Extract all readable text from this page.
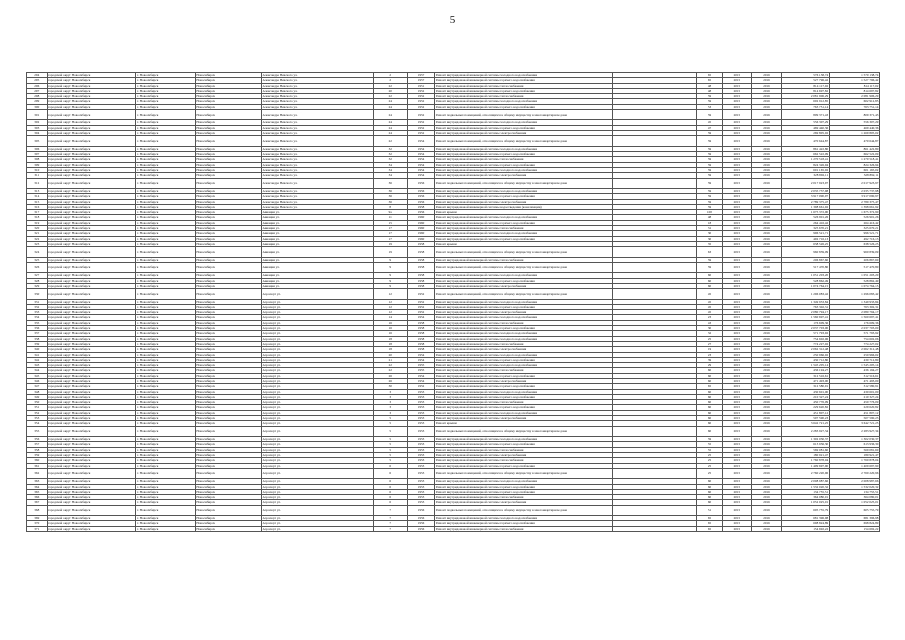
5
294	городской округ Новосибирск	г. Новосибирск	Новосибирск	Александра Невского ул.	2	1957	Ремонт внутридомовой инженерной системы холодного водоснабжения		65	2015	2016	576 138,74	1 570 138,74
295	городской округ Новосибирск	г. Новосибирск	Новосибирск	Александра Невского ул.	2	1957	Ремонт внутридомовой инженерной системы горячего водоснабжения		65	2015	2016	527 796,42	1 527 796,42
296	городской округ Новосибирск	г. Новосибирск	Новосибирск	Александра Невского ул.	22	1951	Ремонт внутридомовой инженерной системы теплоснабжения		48	2015	2016	814 117,02	814 117,02
297	городской округ Новосибирск	г. Новосибирск	Новосибирск	Александра Невского ул.	20	1952	Ремонт внутридомовой инженерной системы горячего водоснабжения		48	2015	2016	814 697,82	814 697,82
298	городской округ Новосибирск	г. Новосибирск	Новосибирск	Александра Невского ул.	22	1952	Ремонт внутридомовой инженерной системы теплоснабжения		59	2015	2016	2 081 906,29	2 081 906,29
299	городской округ Новосибирск	г. Новосибирск	Новосибирск	Александра Невского ул.	24	1952	Ремонт внутридомовой инженерной системы холодного водоснабжения		59	2015	2016	602 912,85	602 912,85
300	городской округ Новосибирск	г. Новосибирск	Новосибирск	Александра Невского ул.	24	1952	Ремонт внутридомовой инженерной системы горячего водоснабжения		53	2015	2016	763 751,14	763 751,14
301	городской округ Новосибирск	г. Новосибирск	Новосибирск	Александра Невского ул.	24	1952	Ремонт подвальных помещений, относящихся к общему имуществу в многоквартирном доме		59	2015	2016	809 371,43	809 371,43
302	городской округ Новосибирск	г. Новосибирск	Новосибирск	Александра Невского ул.	24	1952	Ремонт внутридомовой инженерной системы холодного водоснабжения		45	2015	2016	556 307,29	556 307,29
303	городской округ Новосибирск	г. Новосибирск	Новосибирск	Александра Невского ул.	24	1952	Ремонт внутридомовой инженерной системы горячего водоснабжения		47	2015	2016	469 440,36	469 440,36
304	городской округ Новосибирск	г. Новосибирск	Новосибирск	Александра Невского ул.	24	1952	Ремонт внутридомовой инженерной системы электроснабжения		59	2015	2016	269 805,02	1 269 805,02
305	городской округ Новосибирск	г. Новосибирск	Новосибирск	Александра Невского ул.	22	1954	Ремонт подвальных помещений, относящихся к общему имуществу в многоквартирном доме		59	2015	2016	470 644,87	470 644,87
306	городской округ Новосибирск	г. Новосибирск	Новосибирск	Александра Невского ул.	32	1954	Ремонт внутридомовой инженерной системы холодного водоснабжения		59	2015	2016	861 422,80	861 422,80
307	городской округ Новосибирск	г. Новосибирск	Новосибирск	Александра Невского ул.	32	1954	Ремонт внутридомовой инженерной системы горячего водоснабжения		59	2015	2016	662 522,09	662 522,09
308	городской округ Новосибирск	г. Новосибирск	Новосибирск	Александра Невского ул.	32	1954	Ремонт внутридомовой инженерной системы теплоснабжения		59	2015	2016	1 270 518,41	1 270 518,41
309	городской округ Новосибирск	г. Новосибирск	Новосибирск	Александра Невского ул.	34	1954	Ремонт внутридомовой инженерной системы горячего водоснабжения		59	2015	2016	824 326,94	824 326,94
310	городской округ Новосибирск	г. Новосибирск	Новосибирск	Александра Невского ул.	34	1954	Ремонт внутридомовой инженерной системы холодного водоснабжения		59	2015	2016	601 165,02	601 165,02
311	городской округ Новосибирск	г. Новосибирск	Новосибирск	Александра Невского ул.	34	1954	Ремонт внутридомовой инженерной системы электроснабжения		59	2015	2016	328 892,11	328 892,11
312	городской округ Новосибирск	г. Новосибирск	Новосибирск	Александра Невского ул.	36	1956	Ремонт подвальных помещений, относящихся к общему имуществу в многоквартирном доме		59	2015	2016	2 017 923,97	2 017 923,97
313	городской округ Новосибирск	г. Новосибирск	Новосибирск	Александра Невского ул.	36	1956	Ремонт внутридомовой инженерной системы холодного водоснабжения		59	2015	2016	2 035 737,98	2 035 737,98
314	городской округ Новосибирск	г. Новосибирск	Новосибирск	Александра Невского ул.	36	1956	Ремонт внутридомовой инженерной системы горячего водоснабжения		59	2015	2016	3 917 090,97	3 917 090,97
315	городской округ Новосибирск	г. Новосибирск	Новосибирск	Александра Невского ул.	36	1956	Ремонт внутридомовой инженерной системы электроснабжения		59	2015	2016	2 789 375,47	2 789 375,47
316	городской округ Новосибирск	г. Новосибирск	Новосибирск	Александра Невского ул.	8	1958	Ремонт внутридомовой инженерной системы водоотведения (канализации)		59	2015	2016	1 398 661,92	1 398 661,92
317	городской округ Новосибирск	г. Новосибирск	Новосибирск	Авиации ул.	9а	1956	Ремонт крыши		100	2015	2016	1 675 372,90	1 675 372,90
318	городской округ Новосибирск	г. Новосибирск	Новосибирск	Авиации ул.	11	1960	Ремонт внутридомовой инженерной системы холодного водоснабжения		48	2015	2016	526 901,26	526 901,26
319	городской округ Новосибирск	г. Новосибирск	Новосибирск	Авиации ул.	15	1960	Ремонт внутридомовой инженерной системы горячего водоснабжения		18	2015	2016	264 416,42	264 416,42
320	городской округ Новосибирск	г. Новосибирск	Новосибирск	Авиации ул.	17	1960	Ремонт внутридомовой инженерной системы теплоснабжения		31	2015	2016	325 670,21	325 670,21
321	городской округ Новосибирск	г. Новосибирск	Новосибирск	Авиации ул.	17	1960	Ремонт внутридомовой инженерной системы холодного водоснабжения		30	2015	2016	996 521,71	996 521,71
322	городской округ Новосибирск	г. Новосибирск	Новосибирск	Авиации ул.	17	1960	Ремонт внутридомовой инженерной системы горячего водоснабжения		30	2015	2016	492 716,13	492 716,13
323	городской округ Новосибирск	г. Новосибирск	Новосибирск	Авиации ул.	19	1958	Ремонт крыши		35	2015	2016	638 526,25	638 526,25
324	городской округ Новосибирск	г. Новосибирск	Новосибирск	Авиации ул.	19	1958	Ремонт подвальных помещений, относящихся к общему имуществу в многоквартирном доме		63	2015	2016	960 839,09	960 839,09
325	городской округ Новосибирск	г. Новосибирск	Новосибирск	Авиации ул.	9	1958	Ремонт внутридомовой инженерной системы теплоснабжения		59	2015	2016	206 867,60	206 867,60
326	городской округ Новосибирск	г. Новосибирск	Новосибирск	Авиации ул.	9	1958	Ремонт подвальных помещений, относящихся к общему имуществу в многоквартирном доме		59	2015	2016	517 470,80	517 470,80
327	городской округ Новосибирск	г. Новосибирск	Новосибирск	Авиации ул.	9	1958	Ремонт внутридомовой инженерной системы холодного водоснабжения		60	2015	2016	1 051 203,20	1 051 203,20
328	городской округ Новосибирск	г. Новосибирск	Новосибирск	Авиации ул.	9	1958	Ремонт внутридомовой инженерной системы горячего водоснабжения		60	2015	2016	528 862,49	528 862,49
329	городской округ Новосибирск	г. Новосибирск	Новосибирск	Авиации ул.	9	1958	Ремонт внутридомовой инженерной системы электроснабжения		60	2015	2016	1 074 764,15	1 074 764,15
330	городской округ Новосибирск	г. Новосибирск	Новосибирск	Аэропорт ул.	12	1952	Ремонт подвальных помещений, относящихся к общему имуществу в многоквартирном доме		45	2015	2016	1 296 083,42	1 296 083,42
331	городской округ Новосибирск	г. Новосибирск	Новосибирск	Аэропорт ул.	12	1952	Ремонт внутридомовой инженерной системы холодного водоснабжения		45	2015	2016	1 349 933,84	1 349 933,84
332	городской округ Новосибирск	г. Новосибирск	Новосибирск	Аэропорт ул.	12	1952	Ремонт внутридомовой инженерной системы горячего водоснабжения		45	2015	2016	763 302,31	763 302,31
333	городской округ Новосибирск	г. Новосибирск	Новосибирск	Аэропорт ул.	12	1952	Ремонт внутридомовой инженерной системы электроснабжения		45	2015	2016	2 080 794,17	2 080 794,17
334	городской округ Новосибирск	г. Новосибирск	Новосибирск	Аэропорт ул.	14	1954	Ремонт внутридомовой инженерной системы холодного водоснабжения		23	2015	2016	1 560 697,41	1 560 697,41
335	городской округ Новосибирск	г. Новосибирск	Новосибирск	Аэропорт ул.	16	1958	Ремонт внутридомовой инженерной системы теплоснабжения		43	2015	2016	176 609,36	176 609,36
336	городской округ Новосибирск	г. Новосибирск	Новосибирск	Аэропорт ул.	16	1958	Ремонт внутридомовой инженерной системы горячего водоснабжения		30	2015	2016	2 037 703,00	2 037 703,00
337	городской округ Новосибирск	г. Новосибирск	Новосибирск	Аэропорт ул.	16	1958	Ремонт внутридомовой инженерной системы холодного водоснабжения		32	2015	2016	571 793,92	571 793,92
338	городской округ Новосибирск	г. Новосибирск	Новосибирск	Аэропорт ул.	18	1958	Ремонт внутридомовой инженерной системы холодного водоснабжения		25	2015	2016	754 602,06	754 602,06
339	городской округ Новосибирск	г. Новосибирск	Новосибирск	Аэропорт ул.	18	1958	Ремонт внутридомовой инженерной системы теплоснабжения		27	2015	2016	774 227,02	774 227,02
340	городской округ Новосибирск	г. Новосибирск	Новосибирск	Аэропорт ул.	18	1958	Ремонт внутридомовой инженерной системы электроснабжения		19	2015	2016	2 062 312,48	2 062 312,48
341	городской округ Новосибирск	г. Новосибирск	Новосибирск	Аэропорт ул.	20	1954	Ремонт внутридомовой инженерной системы холодного водоснабжения		23	2015	2016	250 966,02	250 966,02
342	городской округ Новосибирск	г. Новосибирск	Новосибирск	Аэропорт ул.	21	1954	Ремонт внутридомовой инженерной системы горячего водоснабжения		39	2015	2016	430 712,80	430 712,80
343	городской округ Новосибирск	г. Новосибирск	Новосибирск	Аэропорт ул.	22	1955	Ремонт внутридомовой инженерной системы холодного водоснабжения		29	2015	2016	1 545 205,14	1 545 205,14
344	городской округ Новосибирск	г. Новосибирск	Новосибирск	Аэропорт ул.	22	1955	Ремонт внутридомовой инженерной системы теплоснабжения		60	2015	2016	436 194,27	436 194,27
345	городской округ Новосибирск	г. Новосибирск	Новосибирск	Аэропорт ул.	26	1954	Ремонт внутридомовой инженерной системы горячего водоснабжения		60	2015	2016	312 516,61	312 516,61
346	городской округ Новосибирск	г. Новосибирск	Новосибирск	Аэропорт ул.	26	1954	Ремонт внутридомовой инженерной системы электроснабжения		60	2015	2016	471 493,00	471 493,00
347	городской округ Новосибирск	г. Новосибирск	Новосибирск	Аэропорт ул.	30	1952	Ремонт внутридомовой инженерной системы горячего водоснабжения		65	2015	2016	312 580,91	312 580,91
348	городской округ Новосибирск	г. Новосибирск	Новосибирск	Аэропорт ул.	3	1953	Ремонт внутридомовой инженерной системы холодного водоснабжения		60	2015	2016	430 601,00	430 601,00
349	городской округ Новосибирск	г. Новосибирск	Новосибирск	Аэропорт ул.	3	1953	Ремонт внутридомовой инженерной системы горячего водоснабжения		60	2015	2016	210 327,24	210 327,24
350	городской округ Новосибирск	г. Новосибирск	Новосибирск	Аэропорт ул.	3	1953	Ремонт внутридомовой инженерной системы теплоснабжения		60	2015	2016	450 776,09	450 776,09
351	городской округ Новосибирск	г. Новосибирск	Новосибирск	Аэропорт ул.	3	1953	Ремонт внутридомовой инженерной системы горячего водоснабжения		60	2015	2016	229 620,82	229 620,82
352	городской округ Новосибирск	г. Новосибирск	Новосибирск	Аэропорт ул.	3	1953	Ремонт внутридомовой инженерной системы холодного водоснабжения		60	2015	2016	451 807,12	451 807,12
353	городской округ Новосибирск	г. Новосибирск	Новосибирск	Аэропорт ул.	5	1953	Ремонт внутридомовой инженерной системы электроснабжения		60	2015	2016	507 590,23	507 590,23
354	городской округ Новосибирск	г. Новосибирск	Новосибирск	Аэропорт ул.	5	1953	Ремонт крыши		60	2015	2016	3 642 721,25	3 642 721,25
355	городской округ Новосибирск	г. Новосибирск	Новосибирск	Аэропорт ул.	5	1953	Ремонт подвальных помещений, относящихся к общему имуществу в многоквартирном доме		60	2015	2016	2 283 927,34	2 283 927,34
356	городской округ Новосибирск	г. Новосибирск	Новосибирск	Аэропорт ул.	5	1953	Ремонт внутридомовой инженерной системы холодного водоснабжения		59	2015	2016	1 302 030,37	1 302 030,37
357	городской округ Новосибирск	г. Новосибирск	Новосибирск	Аэропорт ул.	5	1953	Ремонт внутридомовой инженерной системы горячего водоснабжения		55	2015	2016	613 936,30	613 936,30
358	городской округ Новосибирск	г. Новосибирск	Новосибирск	Аэропорт ул.	5	1953	Ремонт внутридомовой инженерной системы теплоснабжения		55	2015	2016	569 081,60	569 081,60
359	городской округ Новосибирск	г. Новосибирск	Новосибирск	Аэропорт ул.	5	1953	Ремонт внутридомовой инженерной системы электроснабжения		25	2015	2016	180 921,47	180 921,47
360	городской округ Новосибирск	г. Новосибирск	Новосибирск	Аэропорт ул.	5	1953	Ремонт внутридомовой инженерной системы теплоснабжения		25	2015	2016	1 760 878,04	1 760 878,04
361	городской округ Новосибирск	г. Новосибирск	Новосибирск	Аэропорт ул.	6	1953	Ремонт внутридомовой инженерной системы горячего водоснабжения		25	2015	2016	1 409 697,90	1 409 697,90
362	городской округ Новосибирск	г. Новосибирск	Новосибирск	Аэропорт ул.	6	1953	Ремонт подвальных помещений, относящихся к общему имуществу в многоквартирном доме		25	2015	2016	2 760 220,96	2 760 220,96
363	городской округ Новосибирск	г. Новосибирск	Новосибирск	Аэропорт ул.	6	1953	Ремонт внутридомовой инженерной системы холодного водоснабжения		60	2015	2016	2 008 987,66	2 008 987,66
364	городской округ Новосибирск	г. Новосибирск	Новосибирск	Аэропорт ул.	6	1953	Ремонт внутридомовой инженерной системы горячего водоснабжения		60	2015	2016	1 532 020,32	1 532 020,32
365	городской округ Новосибирск	г. Новосибирск	Новосибирск	Аэропорт ул.	6	1953	Ремонт внутридомовой инженерной системы горячего водоснабжения		60	2015	2016	134 755,51	134 755,51
366	городской округ Новосибирск	г. Новосибирск	Новосибирск	Аэропорт ул.	6	1953	Ремонт внутридомовой инженерной системы теплоснабжения		60	2015	2016	364 080,01	364 080,01
367	городской округ Новосибирск	г. Новосибирск	Новосибирск	Аэропорт ул.	6	1953	Ремонт внутридомовой инженерной системы электроснабжения		60	2015	2016	1 052 025,01	1 052 025,01
368	городской округ Новосибирск	г. Новосибирск	Новосибирск	Аэропорт ул.	7	1956	Ремонт подвальных помещений, относящихся к общему имуществу в многоквартирном доме		51	2015	2016	605 755,79	605 755,79
369	городской округ Новосибирск	г. Новосибирск	Новосибирск	Аэропорт ул.	7	1956	Ремонт внутридомовой инженерной системы холодного водоснабжения		65	2015	2016	681 396,98	681 396,98
370	городской округ Новосибирск	г. Новосибирск	Новосибирск	Аэропорт ул.	7	1956	Ремонт внутридомовой инженерной системы горячего водоснабжения		65	2015	2016	698 824,89	698 824,89
371	городской округ Новосибирск	г. Новосибирск	Новосибирск	Аэропорт ул.	7	1956	Ремонт внутридомовой инженерной системы теплоснабжения		65	2015	2016	154 692,22	154 692,22
